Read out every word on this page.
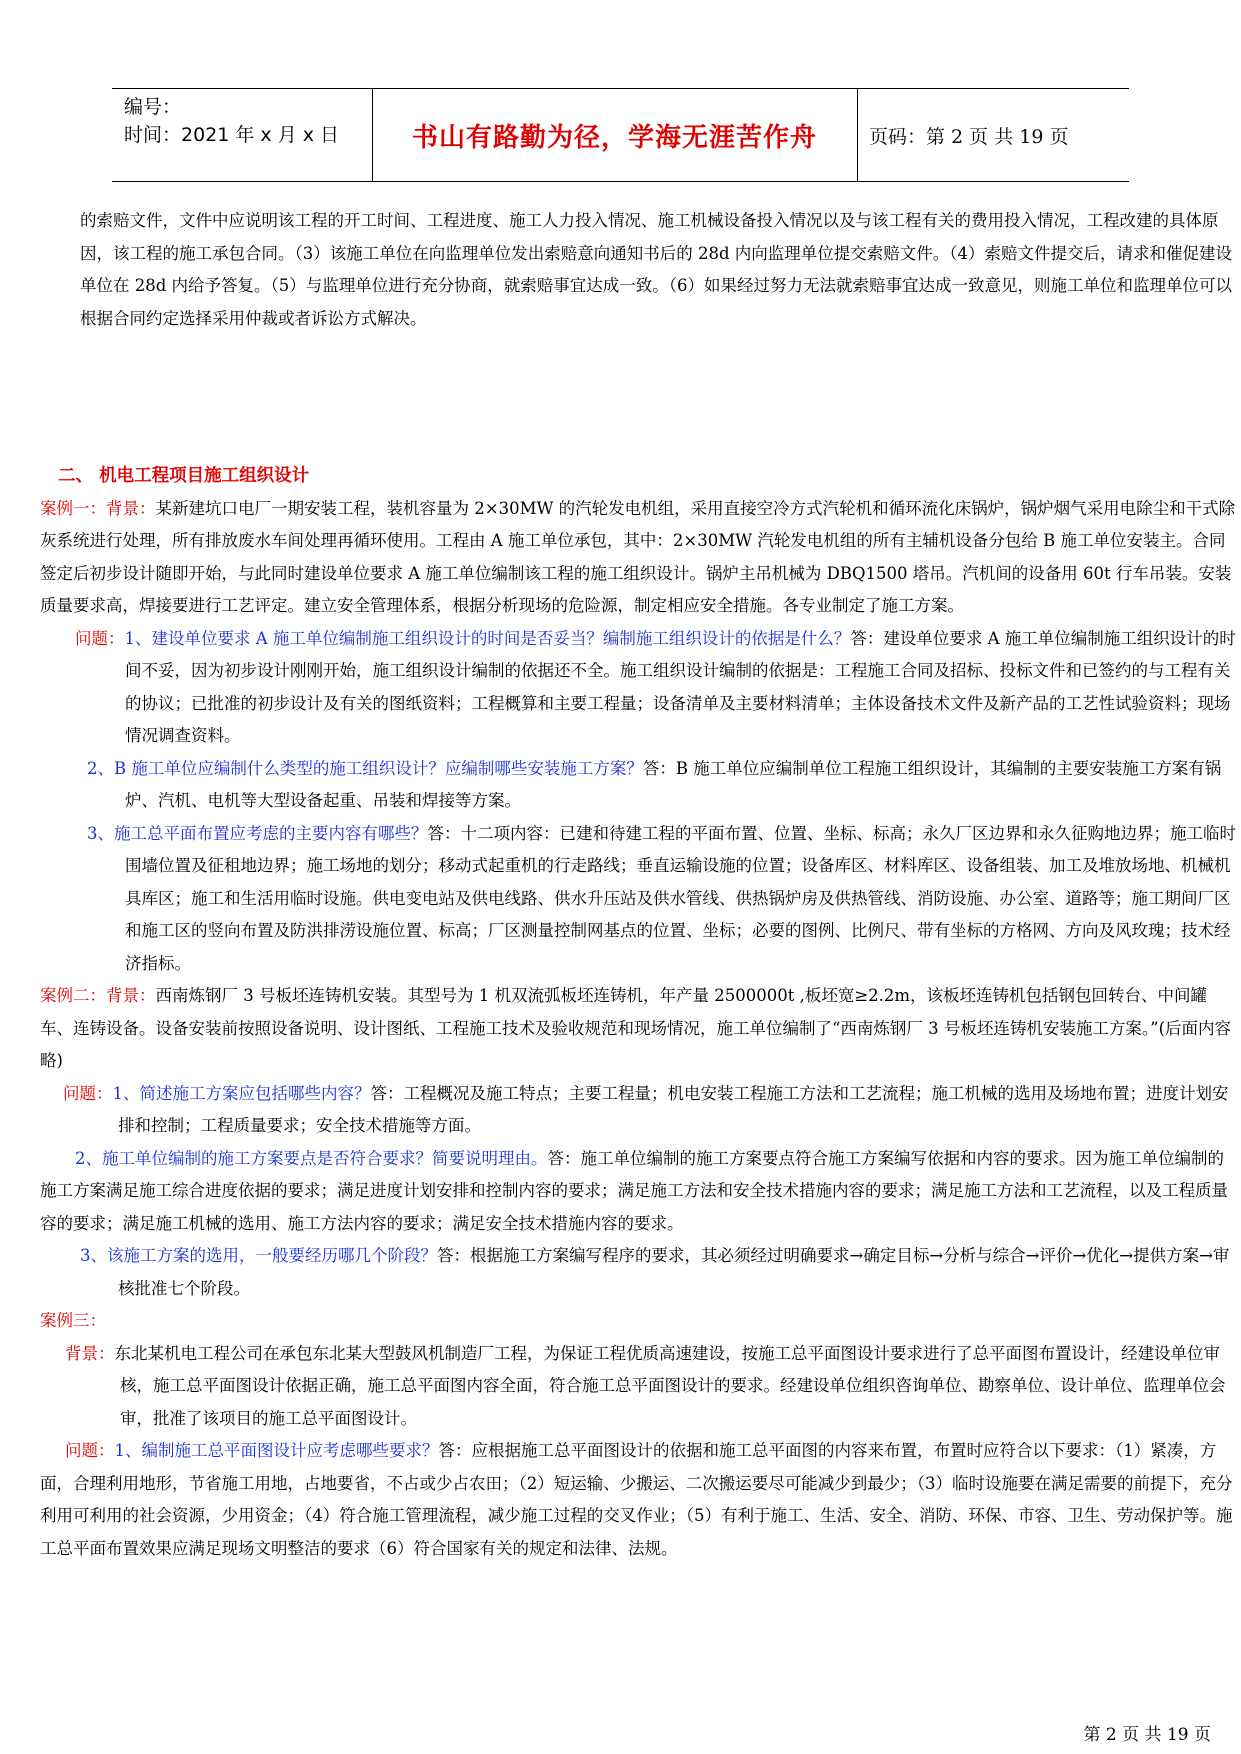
编号：
时间：2021 年 x 月 x 日	书山有路勤为径，学海无涯苦作舟	页码：第 2 页 共 19 页

的索赔文件，文件中应说明该工程的开工时间、工程进度、施工人力投入情况、施工机械设备投入情况以及与该工程有关的费用投入情况，工程改建的具体原因，该工程的施工承包合同。（3）该施工单位在向监理单位发出索赔意向通知书后的 28d 内向监理单位提交索赔文件。（4）索赔文件提交后，请求和催促建设单位在 28d 内给予答复。（5）与监理单位进行充分协商，就索赔事宜达成一致。（6）如果经过努力无法就索赔事宜达成一致意见，则施工单位和监理单位可以根据合同约定选择采用仲裁或者诉讼方式解决。

二、 机电工程项目施工组织设计

案例一：背景：某新建坑口电厂一期安装工程，装机容量为 2×30MW 的汽轮发电机组，采用直接空冷方式汽轮机和循环流化床锅炉，锅炉烟气采用电除尘和干式除灰系统进行处理，所有排放废水车间处理再循环使用。工程由 A 施工单位承包，其中：2×30MW 汽轮发电机组的所有主辅机设备分包给 B 施工单位安装主。合同签定后初步设计随即开始，与此同时建设单位要求 A 施工单位编制该工程的施工组织设计。锅炉主吊机械为 DBQ1500 塔吊。汽机间的设备用 60t 行车吊装。安装质量要求高，焊接要进行工艺评定。建立安全管理体系，根据分析现场的危险源，制定相应安全措施。各专业制定了施工方案。

问题：1、建设单位要求 A 施工单位编制施工组织设计的时间是否妥当？编制施工组织设计的依据是什么？答：建设单位要求 A 施工单位编制施工组织设计的时间不妥，因为初步设计刚刚开始，施工组织设计编制的依据还不全。施工组织设计编制的依据是：工程施工合同及招标、投标文件和已签约的与工程有关的协议；已批准的初步设计及有关的图纸资料；工程概算和主要工程量；设备清单及主要材料清单；主体设备技术文件及新产品的工艺性试验资料；现场情况调查资料。

2、B 施工单位应编制什么类型的施工组织设计？应编制哪些安装施工方案？答：B 施工单位应编制单位工程施工组织设计，其编制的主要安装施工方案有锅炉、汽机、电机等大型设备起重、吊装和焊接等方案。

3、施工总平面布置应考虑的主要内容有哪些？答：十二项内容：已建和待建工程的平面布置、位置、坐标、标高；永久厂区边界和永久征购地边界；施工临时围墙位置及征租地边界；施工场地的划分；移动式起重机的行走路线；垂直运输设施的位置；设备库区、材料库区、设备组装、加工及堆放场地、机械机具库区；施工和生活用临时设施。供电变电站及供电线路、供水升压站及供水管线、供热锅炉房及供热管线、消防设施、办公室、道路等；施工期间厂区和施工区的竖向布置及防洪排涝设施位置、标高；厂区测量控制网基点的位置、坐标；必要的图例、比例尺、带有坐标的方格网、方向及风玫瑰；技术经济指标。

案例二：背景：西南炼钢厂 3 号板坯连铸机安装。其型号为 1 机双流弧板坯连铸机，年产量 2500000t ,板坯宽≥2.2m，该板坯连铸机包括钢包回转台、中间罐车、连铸设备。设备安装前按照设备说明、设计图纸、工程施工技术及验收规范和现场情况，施工单位编制了“西南炼钢厂 3 号板坯连铸机安装施工方案。”(后面内容略)

问题：1、简述施工方案应包括哪些内容？答：工程概况及施工特点；主要工程量；机电安装工程施工方法和工艺流程；施工机械的选用及场地布置；进度计划安排和控制；工程质量要求；安全技术措施等方面。

2、施工单位编制的施工方案要点是否符合要求？简要说明理由。答：施工单位编制的施工方案要点符合施工方案编写依据和内容的要求。因为施工单位编制的施工方案满足施工综合进度依据的要求；满足进度计划安排和控制内容的要求；满足施工方法和安全技术措施内容的要求；满足施工方法和工艺流程，以及工程质量 容的要求；满足施工机械的选用、施工方法内容的要求；满足安全技术措施内容的要求。

3、该施工方案的选用，一般要经历哪几个阶段？答：根据施工方案编写程序的要求，其必须经过明确要求→确定目标→分析与综合→评价→优化→提供方案→审核批准七个阶段。

案例三：

背景：东北某机电工程公司在承包东北某大型鼓风机制造厂工程，为保证工程优质高速建设，按施工总平面图设计要求进行了总平面图布置设计，经建设单位审核，施工总平面图设计依据正确，施工总平面图内容全面，符合施工总平面图设计的要求。经建设单位组织咨询单位、勘察单位、设计单位、监理单位会审，批准了该项目的施工总平面图设计。

问题：1、编制施工总平面图设计应考虑哪些要求？答：应根据施工总平面图设计的依据和施工总平面图的内容来布置，布置时应符合以下要求：（1）紧凑，方面，合理利用地形，节省施工用地，占地要省，不占或少占农田；（2）短运输、少搬运、二次搬运要尽可能减少到最少；（3）临时设施要在满足需要的前提下，充分利用可利用的社会资源，少用资金；（4）符合施工管理流程，减少施工过程的交叉作业；（5）有利于施工、生活、安全、消防、环保、市容、卫生、劳动保护等。施工总平面布置效果应满足现场文明整洁的要求（6）符合国家有关的规定和法律、法规。

第 2 页 共 19 页
